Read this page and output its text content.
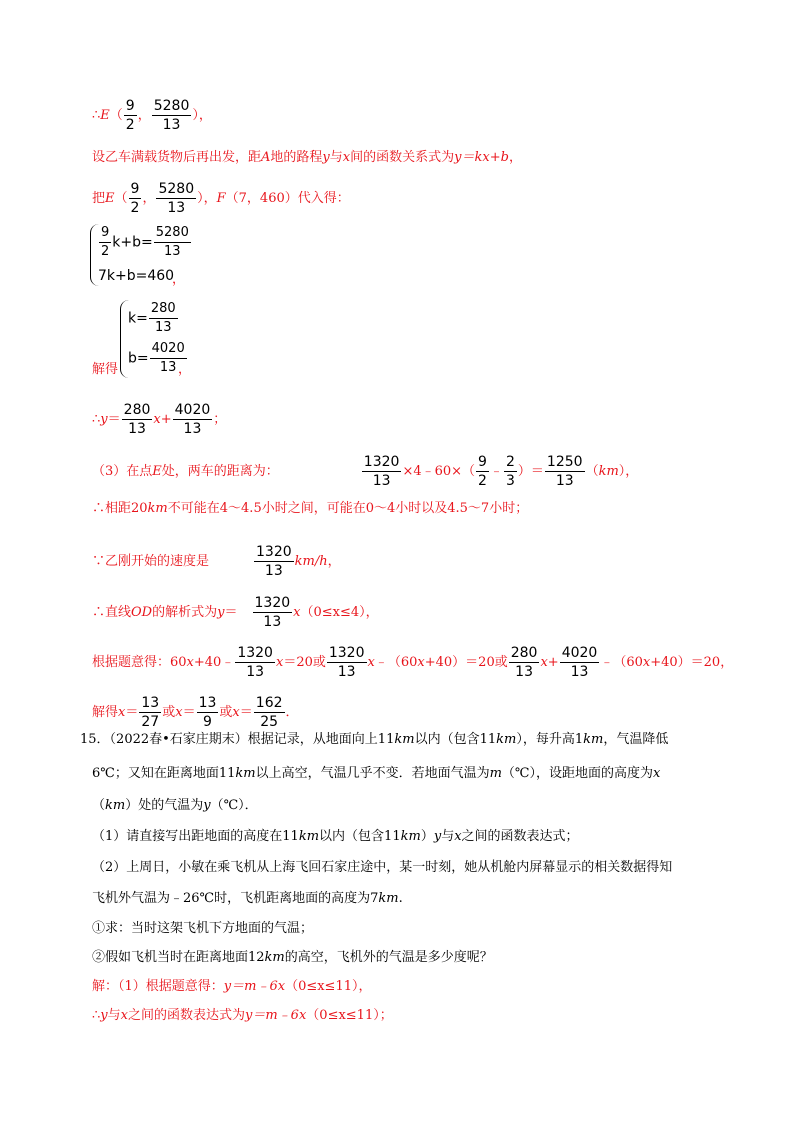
∴E（ $\frac{9}{2}$ ， $\frac{5280}{13}$ ），
设乙车满载货物后再出发，距A地的路程y与x间的函数关系式为y＝kx+b，
把$E( \frac{9}{2}$ ， $\frac{5280}{13}$ ），F（7，460）代入得：
$\frac{9}{2} k+b= \frac{5280}{13}$
7k+b=460
，
解得
$k= \frac{280}{13}$
$b= \frac{4020}{13}$
，
∴y＝ $\frac{280}{13} x+ \frac{4020}{13}$ ；
（3）在点E处，两车的距离为：	$\frac{1320}{13}$ ×4﹣60×（ $\frac{9}{2}$ ﹣ $\frac{2}{3}$ ）＝ $\frac{1250}{13} (km)$，
∴相距20km不可能在4～4.5小时之间，可能在0～4小时以及4.5～7小时；
∵乙刚开始的速度是	$\frac{1320}{13} km/h$，
∴直线OD的解析式为$y= \frac{1320}{13} x(0\le x\le 4)$，
根据题意得：60x+40﹣ $\frac{1320}{13} x=20$或 $\frac{1320}{13}$ x﹣（60x+40）＝20或 $\frac{280}{13} x+ \frac{4020}{13}$ ﹣（60x+40）＝20，
解得$x= \frac{13}{27}$ 或$x= \frac{13}{9}$ 或$x= \frac{162}{25}$ ．
15．（2022春•石家庄期末）根据记录，从地面向上11km以内（包含11km），每升高1km，气温降低
6℃；又知在距离地面11km以上高空，气温几乎不变．若地面气温为m（℃），设距地面的高度为x
（km）处的气温为y（℃）．
（1）请直接写出距地面的高度在11km以内（包含11km）y与x之间的函数表达式；
（2）上周日，小敏在乘飞机从上海飞回石家庄途中，某一时刻，她从机舱内屏幕显示的相关数据得知
飞机外气温为﹣26℃时，飞机距离地面的高度为7km.
①求：当时这架飞机下方地面的气温；
②假如飞机当时在距离地面12km的高空，飞机外的气温是多少度呢？
解：（1）根据题意得：y＝m﹣6x（0≤x≤11），
∴y与x之间的函数表达式为y＝m﹣6x（0≤x≤11）；
